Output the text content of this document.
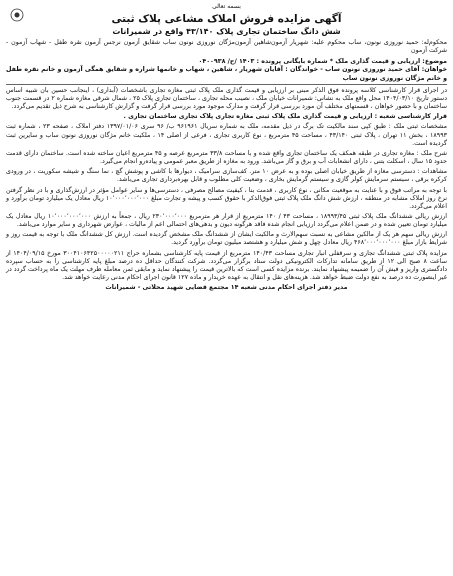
بسمه تعالی
آگهی مزایده فروش املاک مشاعی پلاک ثبتی
شش دانگ ساختمان تجاری پلاک ۴۳/۱۴۰ واقع در شمیرانات

محکوم‌له: حمید نوروزی نونون، ساب محکوم علیه: شهریار آزمون‌شاهین آزمون‌مژگان نوروزی نونون‌ ساب‌ شقایق آزمون‌ نرجس آزمون‌ نقره طفل - شهاب آزمون - شرکت آزمون

موضوع: ارزیابی و قیمت گذاری ملک * شماره بایگانی پرونده : ۱۴۰۳ /ح/ ۰۴۰۰۹۳۸

خواهان: آقای حمید نوروزی نونون ساب - خواندگان : آقایان شهریار ، شاهین ، شهاب و خانمها شراره و شقایق همگی آزمون و خانم نقره طفل و خانم مژگان نوروزی نونون ساب

در اجرای قرار کارشناسی کلاسه پرونده فوق الذکر مبنی بر ارزیابی و قیمت گذاری ملک پلاک ثبتی مغازه تجاری باشخصات (آبداری) ، اینجانب حسین بان شبیه اساس دستور تاریخ ۱۴۰۴/۰۳/۱۰ محل واقع ملک به نشانی: شمیرانات خیابان ملک ، نصیب محله تجاری ، ساختمان تجاری پلاک ۲۵ ، شمال شرقی مغازه شماره ۲ در قسمت جنوب ساختمان و با حضور خواهان ، قسمتهای مختلف آن مورد بررسی قرار گرفت و مدارک موجود مورد بررسی قرار گرفت و گزارش کارشناسی به شرح ذیل تقدیم می‌گردد.

قرار کارشناسی شعبه : ارزیابی و قیمت گذاری ملک پلاک ثبتی مغازه تجاری پلاک تجاری ساختمان تجاری .

مشخصات ثبتی ملک : طبق کپی سند مالکیت تک برگ در ذیل مقدمه، ملک به شماره سریال ۹۶۱۹۶۱ ب/ ۹۶ سری ۱۳۹۷/۰۱/۰۶ دفتر املاک ، صفحه ۲۳ ، شماره ثبت ۱۸۹۹۳ ، بخش ۱۱ تهران ، پلاک ثبتی ۴۳/۱۴۰ ، مساحت ۴۵ مترمربع ، نوع کاربری تجاری ، فرعی از اصلی ۱۴ ، ملکیت خانم مژگان نوروزی نونون ساب و سایرین ثبت گردیده است.

شرح ملک : مغازه تجاری در طبقه همکف یک ساختمان تجاری واقع شده و با مساحت ۳۳/۸ مترمربع عرصه و ۴۵ مترمربع اعیان ساخته شده است. ساختمان دارای قدمت حدود ۱۵ سال ، اسکلت بتنی ، دارای انشعابات آب و برق و گاز می‌باشد. ورود به مغازه از طریق معبر عمومی و پیاده‌رو انجام می‌گیرد.

مشاهدات : دسترسی مغازه از طریق خیابان اصلی بوده و به عرض ۱۰ متر. کف‌سازی سرامیک ، دیوارها با کاشی و پوشش گچ ، نما سنگ و شیشه سکوریت ، در ورودی کرکره برقی ، سیستم سرمایش کولر گازی و سیستم گرمایش بخاری ، وضعیت کلی مطلوب و قابل بهره‌برداری تجاری می‌باشد.

با توجه به مراتب فوق و با عنایت به موقعیت مکانی ، نوع کاربری ، قدمت بنا ، کیفیت مصالح مصرفی ، دسترسی‌ها و سایر عوامل مؤثر در ارزش‌گذاری و با در نظر گرفتن نرخ روز املاک مشابه در منطقه ، ارزش شش دانگ ملک پلاک ثبتی فوق‌الذکر با حقوق کسب و پیشه و تجارت مبلغ ۱۰٬۰۰۰٬۰۰۰٬۰۰۰ ریال معادل یک میلیارد تومان برآورد و اعلام می‌گردد.

ارزش ریالی ششدانگ ملک پلاک ثبتی ۱۸۹۹۳/۴۵ ، مساحت ۴۳ / ۱۴۰ مترمربع از قرار هر مترمربع ۲۳۰٬۰۰۰٬۰۰۰ ریال ، جمعاً به ارزش ۱۰٬۰۰۰٬۰۰۰٬۰۰۰ ریال معادل یک میلیارد تومان تعیین شده و در ضمن اعلام می‌گردد ارزیابی انجام شده فاقد هرگونه دیون و بدهی‌های احتمالی اعم از مالیات ، عوارض شهرداری و سایر موارد می‌باشد.

ارزش ریالی سهم هر یک از مالکین مشاعی به نسبت سهم‌الارث و مالکیت ایشان از ششدانگ ملک مشخص گردیده است. ارزش کل ششدانگ ملک با توجه به قیمت روز و شرایط بازار مبلغ ۴۶۸٬۰۰۰٬۰۰۰٬۰۰۰ ریال معادل چهل و شش میلیارد و هشتصد میلیون تومان برآورد گردید.

مزایده پلاک ثبتی ششدانگ تجاری و سرقفلی انبار تجاری مساحت ۱۴۰/۴۳ مترمربع از قیمت پایه کارشناسی بشماره حراج ۳۰۰۴۱۰۶۴۲۵۰۰۰۰۰۲۱۱ مورخ ۱۴۰۴/۰۹/۱۵ از ساعت ۸ صبح الی ۱۲ از طریق سامانه تدارکات الکترونیکی دولت ستاد برگزار می‌گردد. شرکت کنندگان حداقل ده درصد مبلغ پایه کارشناسی را به حساب سپرده دادگستری واریز و فیش آن را ضمیمه پیشنهاد نمایند. برنده مزایده کسی است که بالاترین قیمت را پیشنهاد نماید و مابقی ثمن معامله ظرف مهلت یک ماه پرداخت گردد در غیر اینصورت ده درصد به نفع دولت ضبط خواهد شد. هزینه‌های نقل و انتقال به عهده خریدار و ماده ۱۲۷ قانون اجرای احکام مدنی رعایت خواهد شد.

مدیر دفتر اجرای احکام مدنی شعبه ۱۴ مجتمع قضایی شهید محلاتی - شمیرانات
